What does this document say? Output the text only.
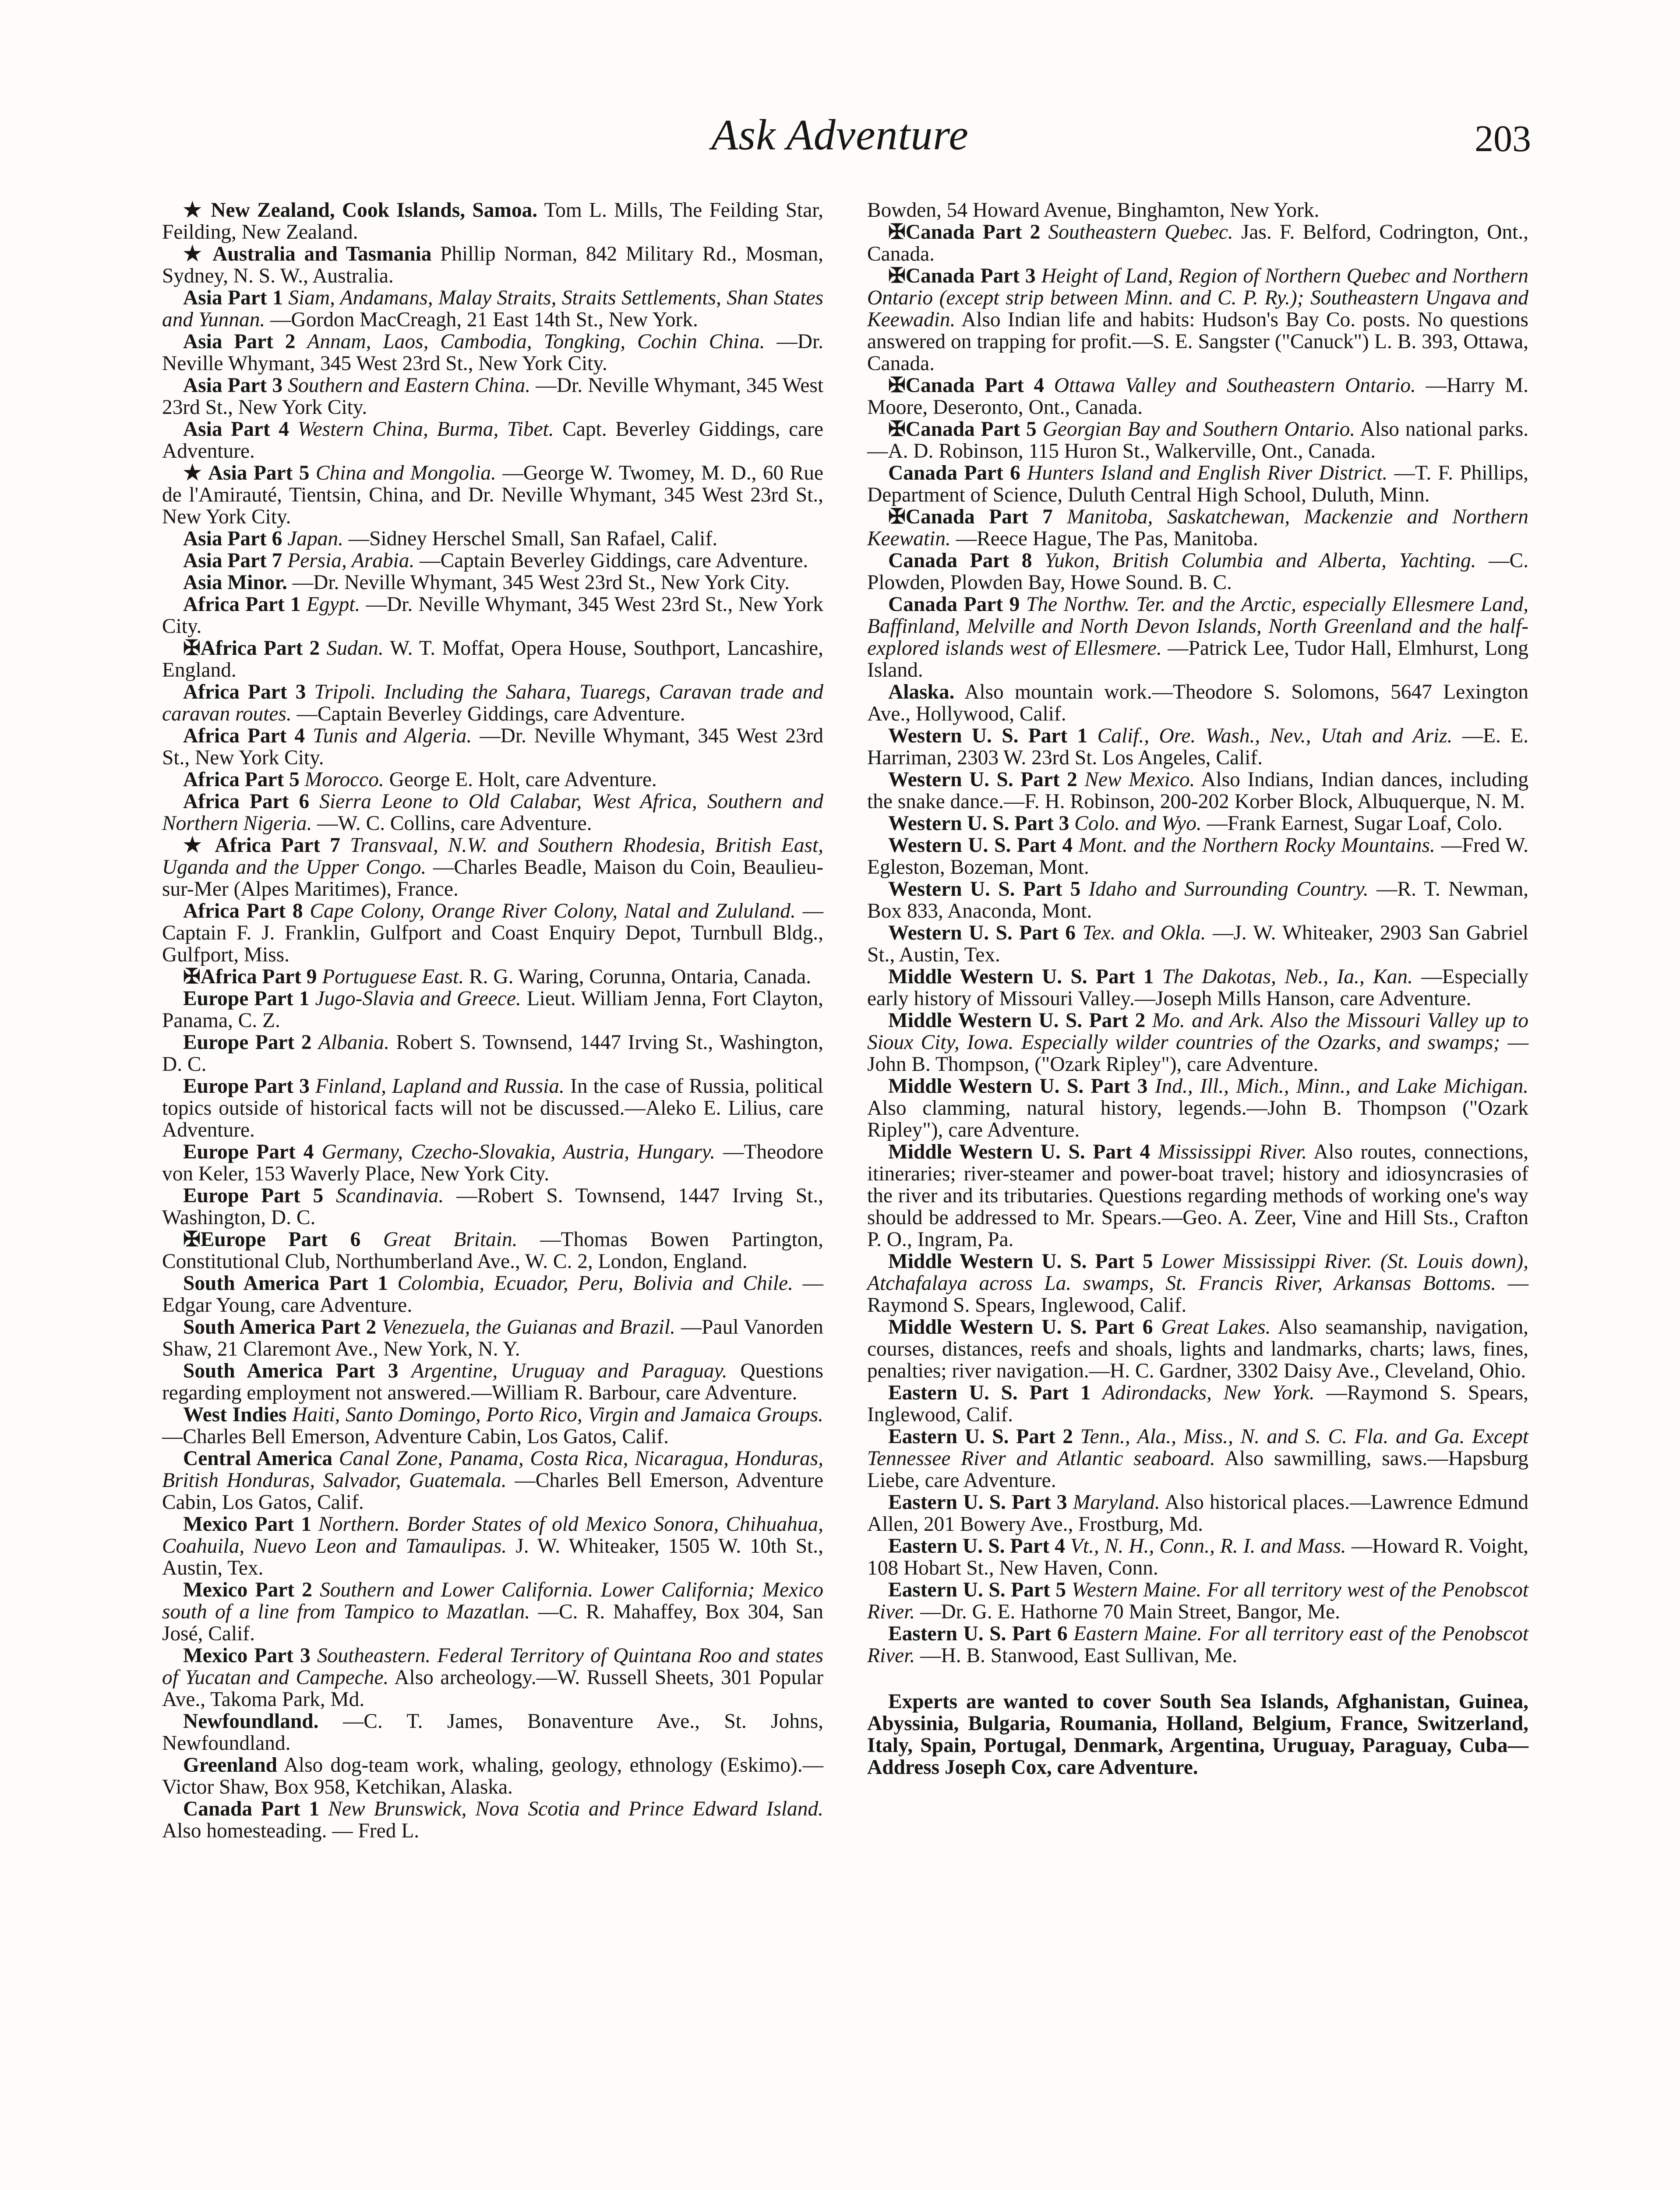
Ask Adventure	203

★ New Zealand, Cook Islands, Samoa. Tom L. Mills, The Feilding Star, Feilding, New Zealand.

★ Australia and Tasmania Phillip Norman, 842 Military Rd., Mosman, Sydney, N. S. W., Australia.

Asia Part 1 Siam, Andamans, Malay Straits, Straits Settlements, Shan States and Yunnan. —Gordon MacCreagh, 21 East 14th St., New York.

Asia Part 2 Annam, Laos, Cambodia, Tongking, Cochin China. —Dr. Neville Whymant, 345 West 23rd St., New York City.

Asia Part 3 Southern and Eastern China. —Dr. Neville Whymant, 345 West 23rd St., New York City.

Asia Part 4 Western China, Burma, Tibet. Capt. Beverley Giddings, care Adventure.

★ Asia Part 5 China and Mongolia. —George W. Twomey, M. D., 60 Rue de l'Amirauté, Tientsin, China, and Dr. Neville Whymant, 345 West 23rd St., New York City.

Asia Part 6 Japan. —Sidney Herschel Small, San Rafael, Calif.

Asia Part 7 Persia, Arabia. —Captain Beverley Giddings, care Adventure.

Asia Minor. —Dr. Neville Whymant, 345 West 23rd St., New York City.

Africa Part 1 Egypt. —Dr. Neville Whymant, 345 West 23rd St., New York City.

✠Africa Part 2 Sudan. W. T. Moffat, Opera House, Southport, Lancashire, England.

Africa Part 3 Tripoli. Including the Sahara, Tuaregs, Caravan trade and caravan routes. —Captain Beverley Giddings, care Adventure.

Africa Part 4 Tunis and Algeria. —Dr. Neville Whymant, 345 West 23rd St., New York City.

Africa Part 5 Morocco. George E. Holt, care Adventure.

Africa Part 6 Sierra Leone to Old Calabar, West Africa, Southern and Northern Nigeria. —W. C. Collins, care Adventure.

★ Africa Part 7 Transvaal, N.W. and Southern Rhodesia, British East, Uganda and the Upper Congo. —Charles Beadle, Maison du Coin, Beaulieu-sur-Mer (Alpes Maritimes), France.

Africa Part 8 Cape Colony, Orange River Colony, Natal and Zululand. —Captain F. J. Franklin, Gulfport and Coast Enquiry Depot, Turnbull Bldg., Gulfport, Miss.

✠Africa Part 9 Portuguese East. R. G. Waring, Corunna, Ontaria, Canada.

Europe Part 1 Jugo-Slavia and Greece. Lieut. William Jenna, Fort Clayton, Panama, C. Z.

Europe Part 2 Albania. Robert S. Townsend, 1447 Irving St., Washington, D. C.

Europe Part 3 Finland, Lapland and Russia. In the case of Russia, political topics outside of historical facts will not be discussed.—Aleko E. Lilius, care Adventure.

Europe Part 4 Germany, Czecho-Slovakia, Austria, Hungary. —Theodore von Keler, 153 Waverly Place, New York City.

Europe Part 5 Scandinavia. —Robert S. Townsend, 1447 Irving St., Washington, D. C.

✠Europe Part 6 Great Britain. —Thomas Bowen Partington, Constitutional Club, Northumberland Ave., W. C. 2, London, England.

South America Part 1 Colombia, Ecuador, Peru, Bolivia and Chile. —Edgar Young, care Adventure.

South America Part 2 Venezuela, the Guianas and Brazil. —Paul Vanorden Shaw, 21 Claremont Ave., New York, N. Y.

South America Part 3 Argentine, Uruguay and Paraguay. Questions regarding employment not answered.—William R. Barbour, care Adventure.

West Indies Haiti, Santo Domingo, Porto Rico, Virgin and Jamaica Groups. —Charles Bell Emerson, Adventure Cabin, Los Gatos, Calif.

Central America Canal Zone, Panama, Costa Rica, Nicaragua, Honduras, British Honduras, Salvador, Guatemala. —Charles Bell Emerson, Adventure Cabin, Los Gatos, Calif.

Mexico Part 1 Northern. Border States of old Mexico Sonora, Chihuahua, Coahuila, Nuevo Leon and Tamaulipas. J. W. Whiteaker, 1505 W. 10th St., Austin, Tex.

Mexico Part 2 Southern and Lower California. Lower California; Mexico south of a line from Tampico to Mazatlan. —C. R. Mahaffey, Box 304, San José, Calif.

Mexico Part 3 Southeastern. Federal Territory of Quintana Roo and states of Yucatan and Campeche. Also archeology.—W. Russell Sheets, 301 Popular Ave., Takoma Park, Md.

Newfoundland. —C. T. James, Bonaventure Ave., St. Johns, Newfoundland.

Greenland Also dog-team work, whaling, geology, ethnology (Eskimo).—Victor Shaw, Box 958, Ketchikan, Alaska.

Canada Part 1 New Brunswick, Nova Scotia and Prince Edward Island. Also homesteading. — Fred L.

Bowden, 54 Howard Avenue, Binghamton, New York.

✠Canada Part 2 Southeastern Quebec. Jas. F. Belford, Codrington, Ont., Canada.

✠Canada Part 3 Height of Land, Region of Northern Quebec and Northern Ontario (except strip between Minn. and C. P. Ry.); Southeastern Ungava and Keewadin. Also Indian life and habits: Hudson's Bay Co. posts. No questions answered on trapping for profit.—S. E. Sangster ("Canuck") L. B. 393, Ottawa, Canada.

✠Canada Part 4 Ottawa Valley and Southeastern Ontario. —Harry M. Moore, Deseronto, Ont., Canada.

✠Canada Part 5 Georgian Bay and Southern Ontario. Also national parks.—A. D. Robinson, 115 Huron St., Walkerville, Ont., Canada.

Canada Part 6 Hunters Island and English River District. —T. F. Phillips, Department of Science, Duluth Central High School, Duluth, Minn.

✠Canada Part 7 Manitoba, Saskatchewan, Mackenzie and Northern Keewatin. —Reece Hague, The Pas, Manitoba.

Canada Part 8 Yukon, British Columbia and Alberta, Yachting. —C. Plowden, Plowden Bay, Howe Sound. B. C.

Canada Part 9 The Northw. Ter. and the Arctic, especially Ellesmere Land, Baffinland, Melville and North Devon Islands, North Greenland and the half-explored islands west of Ellesmere. —Patrick Lee, Tudor Hall, Elmhurst, Long Island.

Alaska. Also mountain work.—Theodore S. Solomons, 5647 Lexington Ave., Hollywood, Calif.

Western U. S. Part 1 Calif., Ore. Wash., Nev., Utah and Ariz. —E. E. Harriman, 2303 W. 23rd St. Los Angeles, Calif.

Western U. S. Part 2 New Mexico. Also Indians, Indian dances, including the snake dance.—F. H. Robinson, 200-202 Korber Block, Albuquerque, N. M.

Western U. S. Part 3 Colo. and Wyo. —Frank Earnest, Sugar Loaf, Colo.

Western U. S. Part 4 Mont. and the Northern Rocky Mountains. —Fred W. Egleston, Bozeman, Mont.

Western U. S. Part 5 Idaho and Surrounding Country. —R. T. Newman, Box 833, Anaconda, Mont.

Western U. S. Part 6 Tex. and Okla. —J. W. Whiteaker, 2903 San Gabriel St., Austin, Tex.

Middle Western U. S. Part 1 The Dakotas, Neb., Ia., Kan. —Especially early history of Missouri Valley.—Joseph Mills Hanson, care Adventure.

Middle Western U. S. Part 2 Mo. and Ark. Also the Missouri Valley up to Sioux City, Iowa. Especially wilder countries of the Ozarks, and swamps; —John B. Thompson, ("Ozark Ripley"), care Adventure.

Middle Western U. S. Part 3 Ind., Ill., Mich., Minn., and Lake Michigan. Also clamming, natural history, legends.—John B. Thompson ("Ozark Ripley"), care Adventure.

Middle Western U. S. Part 4 Mississippi River. Also routes, connections, itineraries; river-steamer and power-boat travel; history and idiosyncrasies of the river and its tributaries. Questions regarding methods of working one's way should be addressed to Mr. Spears.—Geo. A. Zeer, Vine and Hill Sts., Crafton P. O., Ingram, Pa.

Middle Western U. S. Part 5 Lower Mississippi River. (St. Louis down), Atchafalaya across La. swamps, St. Francis River, Arkansas Bottoms. —Raymond S. Spears, Inglewood, Calif.

Middle Western U. S. Part 6 Great Lakes. Also seamanship, navigation, courses, distances, reefs and shoals, lights and landmarks, charts; laws, fines, penalties; river navigation.—H. C. Gardner, 3302 Daisy Ave., Cleveland, Ohio.

Eastern U. S. Part 1 Adirondacks, New York. —Raymond S. Spears, Inglewood, Calif.

Eastern U. S. Part 2 Tenn., Ala., Miss., N. and S. C. Fla. and Ga. Except Tennessee River and Atlantic seaboard. Also sawmilling, saws.—Hapsburg Liebe, care Adventure.

Eastern U. S. Part 3 Maryland. Also historical places.—Lawrence Edmund Allen, 201 Bowery Ave., Frostburg, Md.

Eastern U. S. Part 4 Vt., N. H., Conn., R. I. and Mass. —Howard R. Voight, 108 Hobart St., New Haven, Conn.

Eastern U. S. Part 5 Western Maine. For all territory west of the Penobscot River. —Dr. G. E. Hathorne 70 Main Street, Bangor, Me.

Eastern U. S. Part 6 Eastern Maine. For all territory east of the Penobscot River. —H. B. Stanwood, East Sullivan, Me.

Experts are wanted to cover South Sea Islands, Afghanistan, Guinea, Abyssinia, Bulgaria, Roumania, Holland, Belgium, France, Switzerland, Italy, Spain, Portugal, Denmark, Argentina, Uruguay, Paraguay, Cuba—Address Joseph Cox, care Adventure.
